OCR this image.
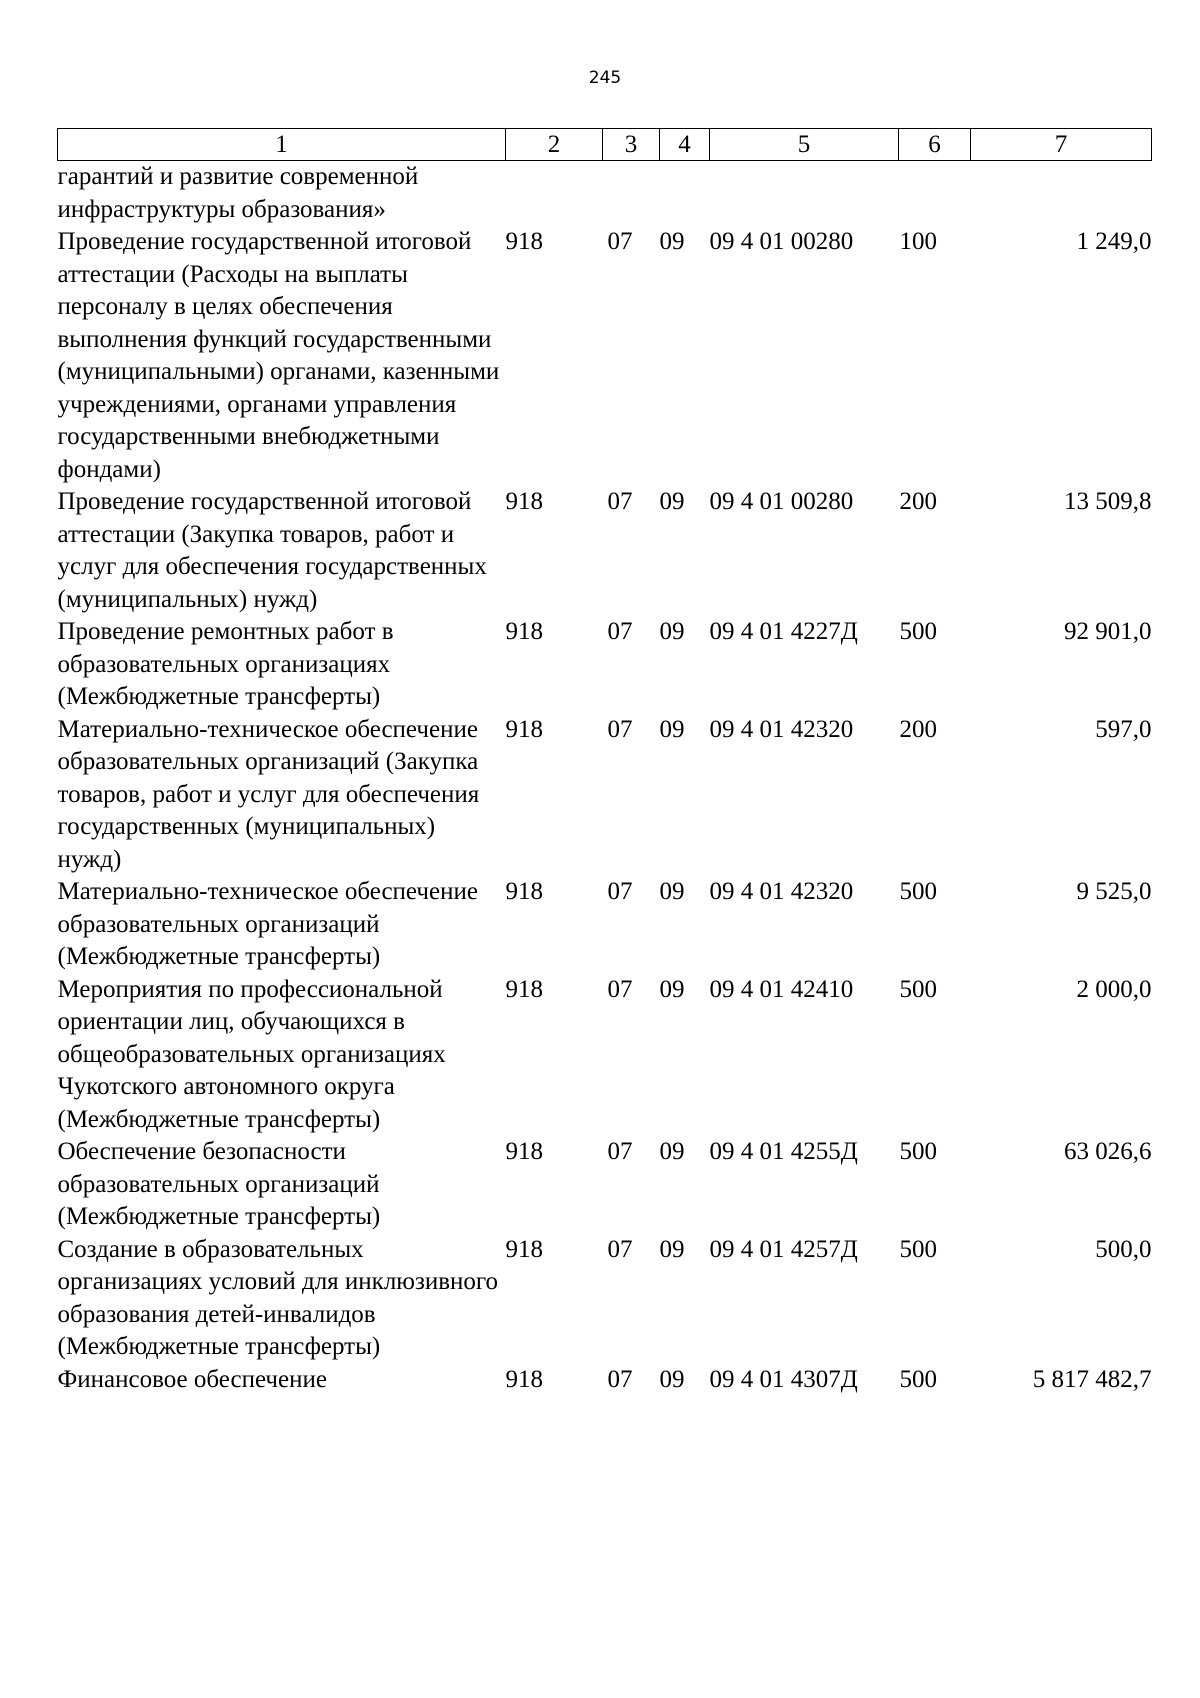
245
1	2	3	4	5	6	7
гарантий и развитие современной инфраструктуры образования»						
Проведение государственной итоговой аттестации (Расходы на выплаты персоналу в целях обеспечения выполнения функций государственными (муниципальными) органами, казенными учреждениями, органами управления государственными внебюджетными фондами)	918	07	09	09 4 01 00280	100	1 249,0
Проведение государственной итоговой аттестации (Закупка товаров, работ и услуг для обеспечения государственных (муниципальных) нужд)	918	07	09	09 4 01 00280	200	13 509,8
Проведение ремонтных работ в образовательных организациях (Межбюджетные трансферты)	918	07	09	09 4 01 4227Д	500	92 901,0
Материально-техническое обеспечение образовательных организаций (Закупка товаров, работ и услуг для обеспечения государственных (муниципальных) нужд)	918	07	09	09 4 01 42320	200	597,0
Материально-техническое обеспечение образовательных организаций (Межбюджетные трансферты)	918	07	09	09 4 01 42320	500	9 525,0
Мероприятия по профессиональной ориентации лиц, обучающихся в общеобразовательных организациях Чукотского автономного округа (Межбюджетные трансферты)	918	07	09	09 4 01 42410	500	2 000,0
Обеспечение безопасности образовательных организаций (Межбюджетные трансферты)	918	07	09	09 4 01 4255Д	500	63 026,6
Создание в образовательных организациях условий для инклюзивного образования детей-инвалидов (Межбюджетные трансферты)	918	07	09	09 4 01 4257Д	500	500,0
Финансовое обеспечение	918	07	09	09 4 01 4307Д	500	5 817 482,7
